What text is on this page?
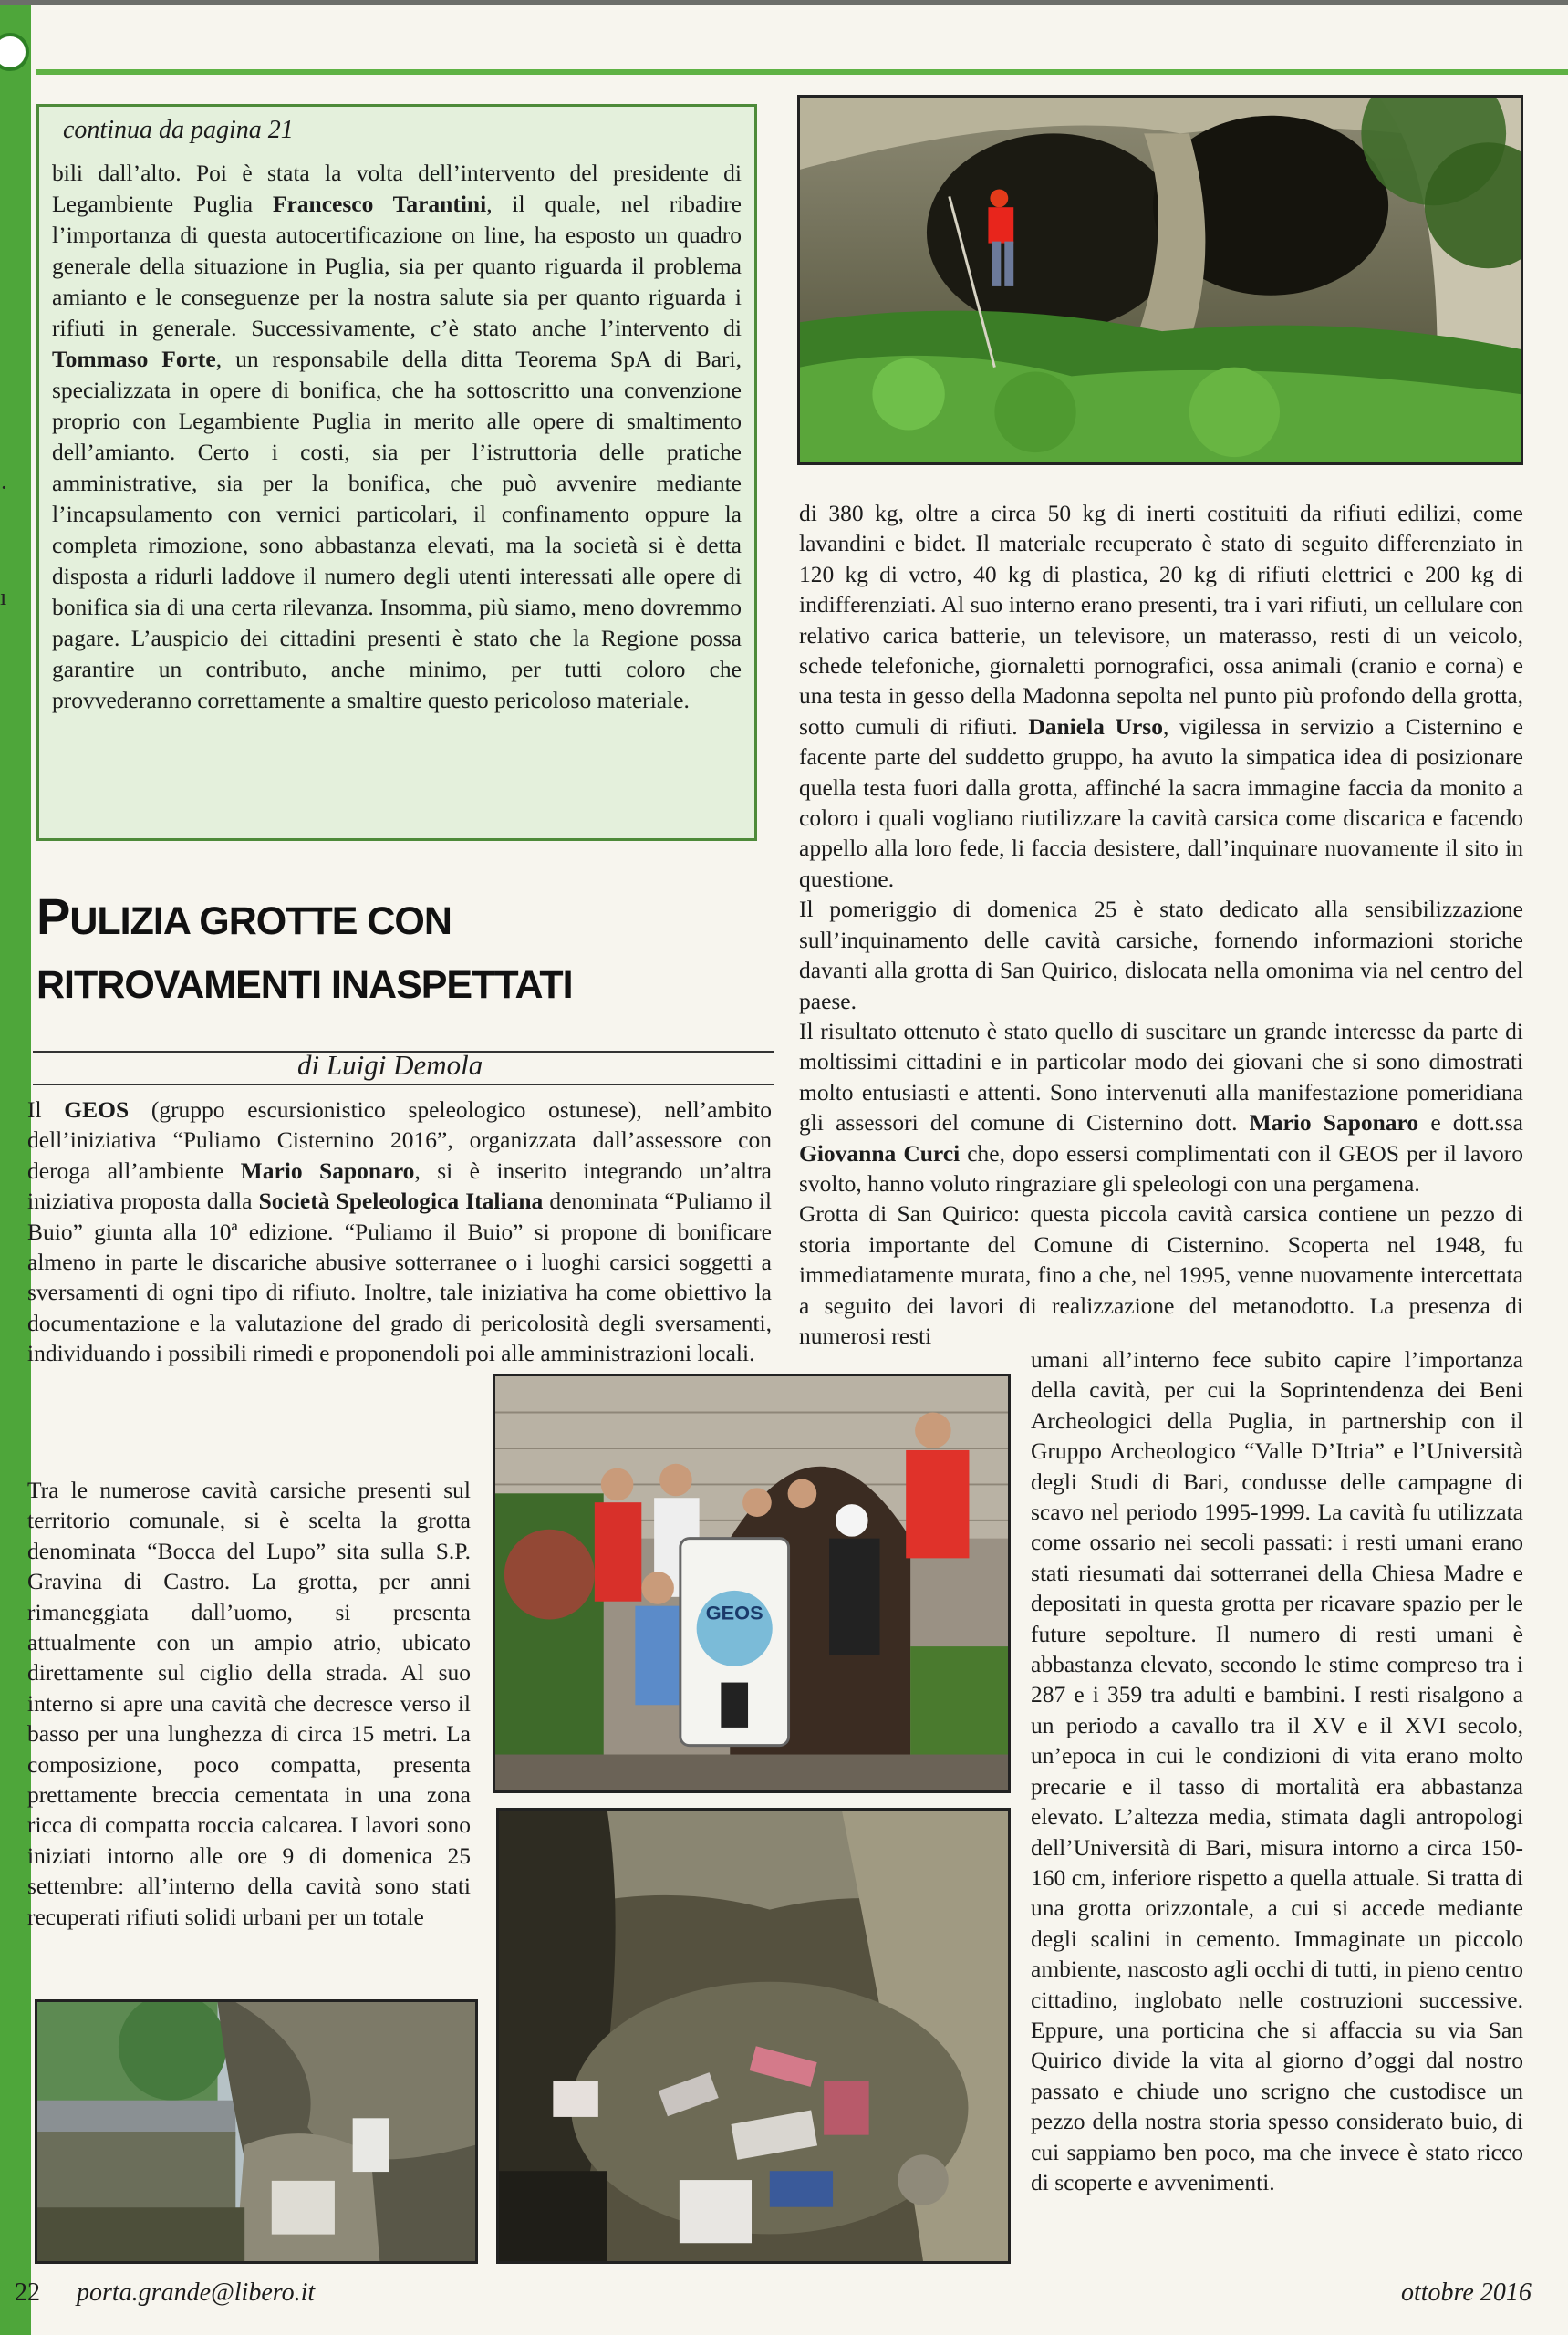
·

ı
continua da pagina 21

bili dall’alto. Poi è stata la volta dell’intervento del presidente di Legambiente Puglia Francesco Tarantini, il quale, nel ribadire l’importanza di questa autocertificazione on line, ha esposto un quadro generale della situazione in Puglia, sia per quanto riguarda il problema amianto e le conseguenze per la nostra salute sia per quanto riguarda i rifiuti in generale. Successivamente, c’è stato anche l’intervento di Tommaso Forte, un responsabile della ditta Teorema SpA di Bari, specializzata in opere di bonifica, che ha sottoscritto una convenzione proprio con Legambiente Puglia in merito alle opere di smaltimento dell’amianto. Certo i costi, sia per l’istruttoria delle pratiche amministrative, sia per la bonifica, che può avvenire mediante l’incapsulamento con vernici particolari, il confinamento oppure la completa rimozione, sono abbastanza elevati, ma la società si è detta disposta a ridurli laddove il numero degli utenti interessati alle opere di bonifica sia di una certa rilevanza. Insomma, più siamo, meno dovremmo pagare. L’auspicio dei cittadini presenti è stato che la Regione possa garantire un contributo, anche minimo, per tutti coloro che provvederanno correttamente a smaltire questo pericoloso materiale.

PULIZIA GROTTE CON
RITROVAMENTI INASPETTATI
di Luigi Demola

Il GEOS (gruppo escursionistico speleologico ostunese), nell’ambito dell’iniziativa “Puliamo Cisternino 2016”, organizzata dall’assessore con deroga all’ambiente Mario Saponaro, si è inserito integrando un’altra iniziativa proposta dalla Società Speleologica Italiana denominata “Puliamo il Buio” giunta alla 10ª edizione. “Puliamo il Buio” si propone di bonificare almeno in parte le discariche abusive sotterranee o i luoghi carsici soggetti a sversamenti di ogni tipo di rifiuto. Inoltre, tale iniziativa ha come obiettivo la documentazione e la valutazione del grado di pericolosità degli sversamenti, individuando i possibili rimedi e proponendoli poi alle amministrazioni locali.

Tra le numerose cavità carsiche presenti sul territorio comunale, si è scelta la grotta denominata “Bocca del Lupo” sita sulla S.P. Gravina di Castro. La grotta, per anni rimaneggiata dall’uomo, si presenta attualmente con un ampio atrio, ubicato direttamente sul ciglio della strada. Al suo interno si apre una cavità che decresce verso il basso per una lunghezza di circa 15 metri. La composizione, poco compatta, presenta prettamente breccia cementata in una zona ricca di compatta roccia calcarea. I lavori sono iniziati intorno alle ore 9 di domenica 25 settembre: all’interno della cavità sono stati recuperati rifiuti solidi urbani per un totale

GEOS

di 380 kg, oltre a circa 50 kg di inerti costituiti da rifiuti edilizi, come lavandini e bidet. Il materiale recuperato è stato di seguito differenziato in 120 kg di vetro, 40 kg di plastica, 20 kg di rifiuti elettrici e 200 kg di indifferenziati. Al suo interno erano presenti, tra i vari rifiuti, un cellulare con relativo carica batterie, un televisore, un materasso, resti di un veicolo, schede telefoniche, giornaletti pornografici, ossa animali (cranio e corna) e una testa in gesso della Madonna sepolta nel punto più profondo della grotta, sotto cumuli di rifiuti. Daniela Urso, vigilessa in servizio a Cisternino e facente parte del suddetto gruppo, ha avuto la simpatica idea di posizionare quella testa fuori dalla grotta, affinché la sacra immagine faccia da monito a coloro i quali vogliano riutilizzare la cavità carsica come discarica e facendo appello alla loro fede, li faccia desistere, dall’inquinare nuovamente il sito in questione.
Il pomeriggio di domenica 25 è stato dedicato alla sensibilizzazione sull’inquinamento delle cavità carsiche, fornendo informazioni storiche davanti alla grotta di San Quirico, dislocata nella omonima via nel centro del paese.
Il risultato ottenuto è stato quello di suscitare un grande interesse da parte di moltissimi cittadini e in particolar modo dei giovani che si sono dimostrati molto entusiasti e attenti. Sono intervenuti alla manifestazione pomeridiana gli assessori del comune di Cisternino dott. Mario Saponaro e dott.ssa Giovanna Curci che, dopo essersi complimentati con il GEOS per il lavoro svolto, hanno voluto ringraziare gli speleologi con una pergamena.
Grotta di San Quirico: questa piccola cavità carsica contiene un pezzo di storia importante del Comune di Cisternino. Scoperta nel 1948, fu immediatamente murata, fino a che, nel 1995, venne nuovamente intercettata a seguito dei lavori di realizzazione del metanodotto. La presenza di numerosi resti

umani all’interno fece subito capire l’importanza della cavità, per cui la Soprintendenza dei Beni Archeologici della Puglia, in partnership con il Gruppo Archeologico “Valle D’Itria” e l’Università degli Studi di Bari, condusse delle campagne di scavo nel periodo 1995-1999. La cavità fu utilizzata come ossario nei secoli passati: i resti umani erano stati riesumati dai sotterranei della Chiesa Madre e depositati in questa grotta per ricavare spazio per le future sepolture. Il numero di resti umani è abbastanza elevato, secondo le stime compreso tra i 287 e i 359 tra adulti e bambini. I resti risalgono a un periodo a cavallo tra il XV e il XVI secolo, un’epoca in cui le condizioni di vita erano molto precarie e il tasso di mortalità era abbastanza elevato. L’altezza media, stimata dagli antropologi dell’Università di Bari, misura intorno a circa 150-160 cm, inferiore rispetto a quella attuale. Si tratta di una grotta orizzontale, a cui si accede mediante degli scalini in cemento. Immaginate un piccolo ambiente, nascosto agli occhi di tutti, in pieno centro cittadino, inglobato nelle costruzioni successive. Eppure, una porticina che si affaccia su via San Quirico divide la vita al giorno d’oggi dal nostro passato e chiude uno scrigno che custodisce un pezzo della nostra storia spesso considerato buio, di cui sappiamo ben poco, ma che invece è stato ricco di scoperte e avvenimenti.

22 porta.grande@libero.it	ottobre 2016
